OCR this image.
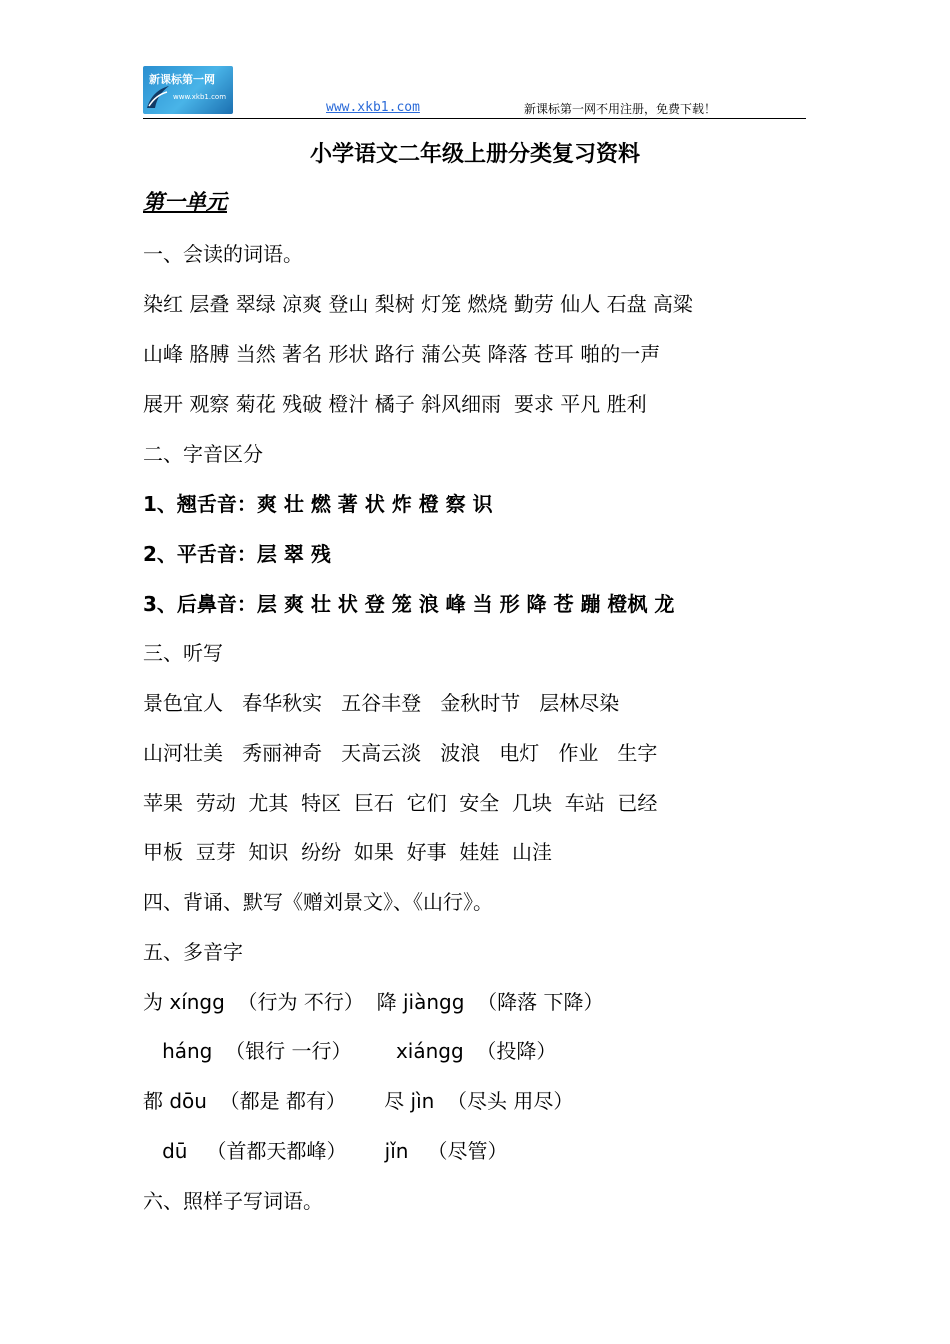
新课标第一网
www.xkb1.com
www.xkb1.com	新课标第一网不用注册，免费下载！
小学语文二年级上册分类复习资料
第一单元
一、会读的词语。
染红 层叠 翠绿 凉爽 登山 梨树 灯笼 燃烧 勤劳 仙人 石盘 高粱
山峰 胳膊 当然 著名 形状 路行 蒲公英 降落 苍耳 啪的一声
展开 观察 菊花 残破 橙汁 橘子 斜风细雨  要求 平凡 胜利
二、字音区分
1、翘舌音：爽 壮 燃 著 状 炸 橙 察 识
2、平舌音：层 翠 残
3、后鼻音：层 爽 壮 状 登 笼 浪 峰 当 形 降 苍 蹦 橙枫 龙
三、听写
景色宜人   春华秋实   五谷丰登   金秋时节   层林尽染
山河壮美   秀丽神奇   天高云淡   波浪   电灯   作业   生字
苹果  劳动  尤其  特区  巨石  它们  安全  几块  车站  已经
甲板  豆芽  知识  纷纷  如果  好事  娃娃  山洼
四、背诵、默写《赠刘景文》、《山行》。
五、多音字
为 xíngg  （行为 不行）  降 jiàngg  （降落 下降）
háng  （银行 一行）       xiángg  （投降）
都 dōu  （都是 都有）      尽 jìn  （尽头 用尽）
dū   （首都天都峰）      jǐn   （尽管）
六、照样子写词语。
